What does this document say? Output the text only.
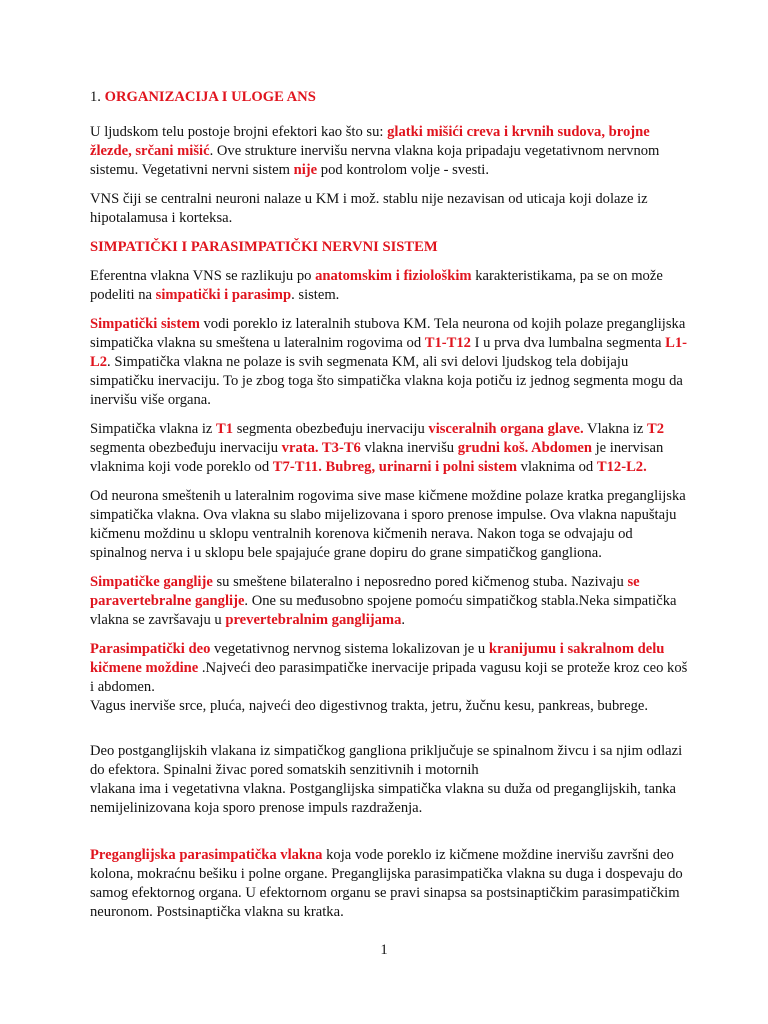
1. ORGANIZACIJA I ULOGE ANS
U ljudskom telu postoje brojni efektori kao što su: glatki mišići creva i krvnih sudova, brojne žlezde, srčani mišić. Ove strukture inervišu nervna vlakna koja pripadaju vegetativnom nervnom sistemu. Vegetativni nervni sistem nije pod kontrolom volje - svesti.
VNS čiji se centralni neuroni nalaze u KM i mož. stablu nije nezavisan od uticaja koji dolaze iz hipotalamusa i korteksa.
SIMPATIČKI I PARASIMPATIČKI NERVNI SISTEM
Eferentna vlakna VNS se razlikuju po anatomskim i fiziološkim karakteristikama, pa se on može podeliti na simpatički i parasimp. sistem.
Simpatički sistem vodi poreklo iz lateralnih stubova KM. Tela neurona od kojih polaze preganglijska simpatička vlakna su smeštena u lateralnim rogovima od T1-T12 I u prva dva lumbalna segmenta L1-L2. Simpatička vlakna ne polaze is svih segmenata KM, ali svi delovi ljudskog tela dobijaju simpatičku inervaciju. To je zbog toga što simpatička vlakna koja potiču iz jednog segmenta mogu da inervišu više organa.
Simpatička vlakna iz T1 segmenta obezbeđuju inervaciju visceralnih organa glave. Vlakna iz T2 segmenta obezbeđuju inervaciju vrata. T3-T6 vlakna inervišu grudni koš. Abdomen je inervisan vlaknima koji vode poreklo od T7-T11. Bubreg, urinarni i polni sistem vlaknima od T12-L2.
Od neurona smeštenih u lateralnim rogovima sive mase kičmene moždine polaze kratka preganglijska simpatička vlakna. Ova vlakna su slabo mijelizovana i sporo prenose impulse. Ova vlakna napuštaju kičmenu moždinu u sklopu ventralnih korenova kičmenih nerava. Nakon toga se odvajaju od spinalnog nerva i u sklopu bele spajajuće grane dopiru do grane simpatičkog gangliona.
Simpatičke ganglije su smeštene bilateralno i neposredno pored kičmenog stuba. Nazivaju se paravertebralne ganglije. One su međusobno spojene pomoću simpatičkog stabla.Neka simpatička vlakna se završavaju u prevertebralnim ganglijama.
Parasimpatički deo vegetativnog nervnog sistema lokalizovan je u kranijumu i sakralnom delu kičmene moždine .Najveći deo parasimpatičke inervacije pripada vagusu koji se proteže kroz ceo koš i abdomen.
Vagus inerviše srce, pluća, najveći deo digestivnog trakta, jetru, žučnu kesu, pankreas, bubrege.
Deo postganglijskih vlakana iz simpatičkog gangliona priključuje se spinalnom živcu i sa njim odlazi do efektora. Spinalni živac pored somatskih senzitivnih i motornih
vlakana ima i vegetativna vlakna. Postganglijska simpatička vlakna su duža od preganglijskih, tanka nemijelinizovana koja sporo prenose impuls razdraženja.
Preganglijska parasimpatička vlakna koja vode poreklo iz kičmene moždine inervišu završni deo kolona, mokraćnu bešiku i polne organe. Preganglijska parasimpatička vlakna su duga i dospevaju do samog efektornog organa. U efektornom organu se pravi sinapsa sa postsinaptičkim parasimpatičkim neuronom. Postsinaptička vlakna su kratka.
1
